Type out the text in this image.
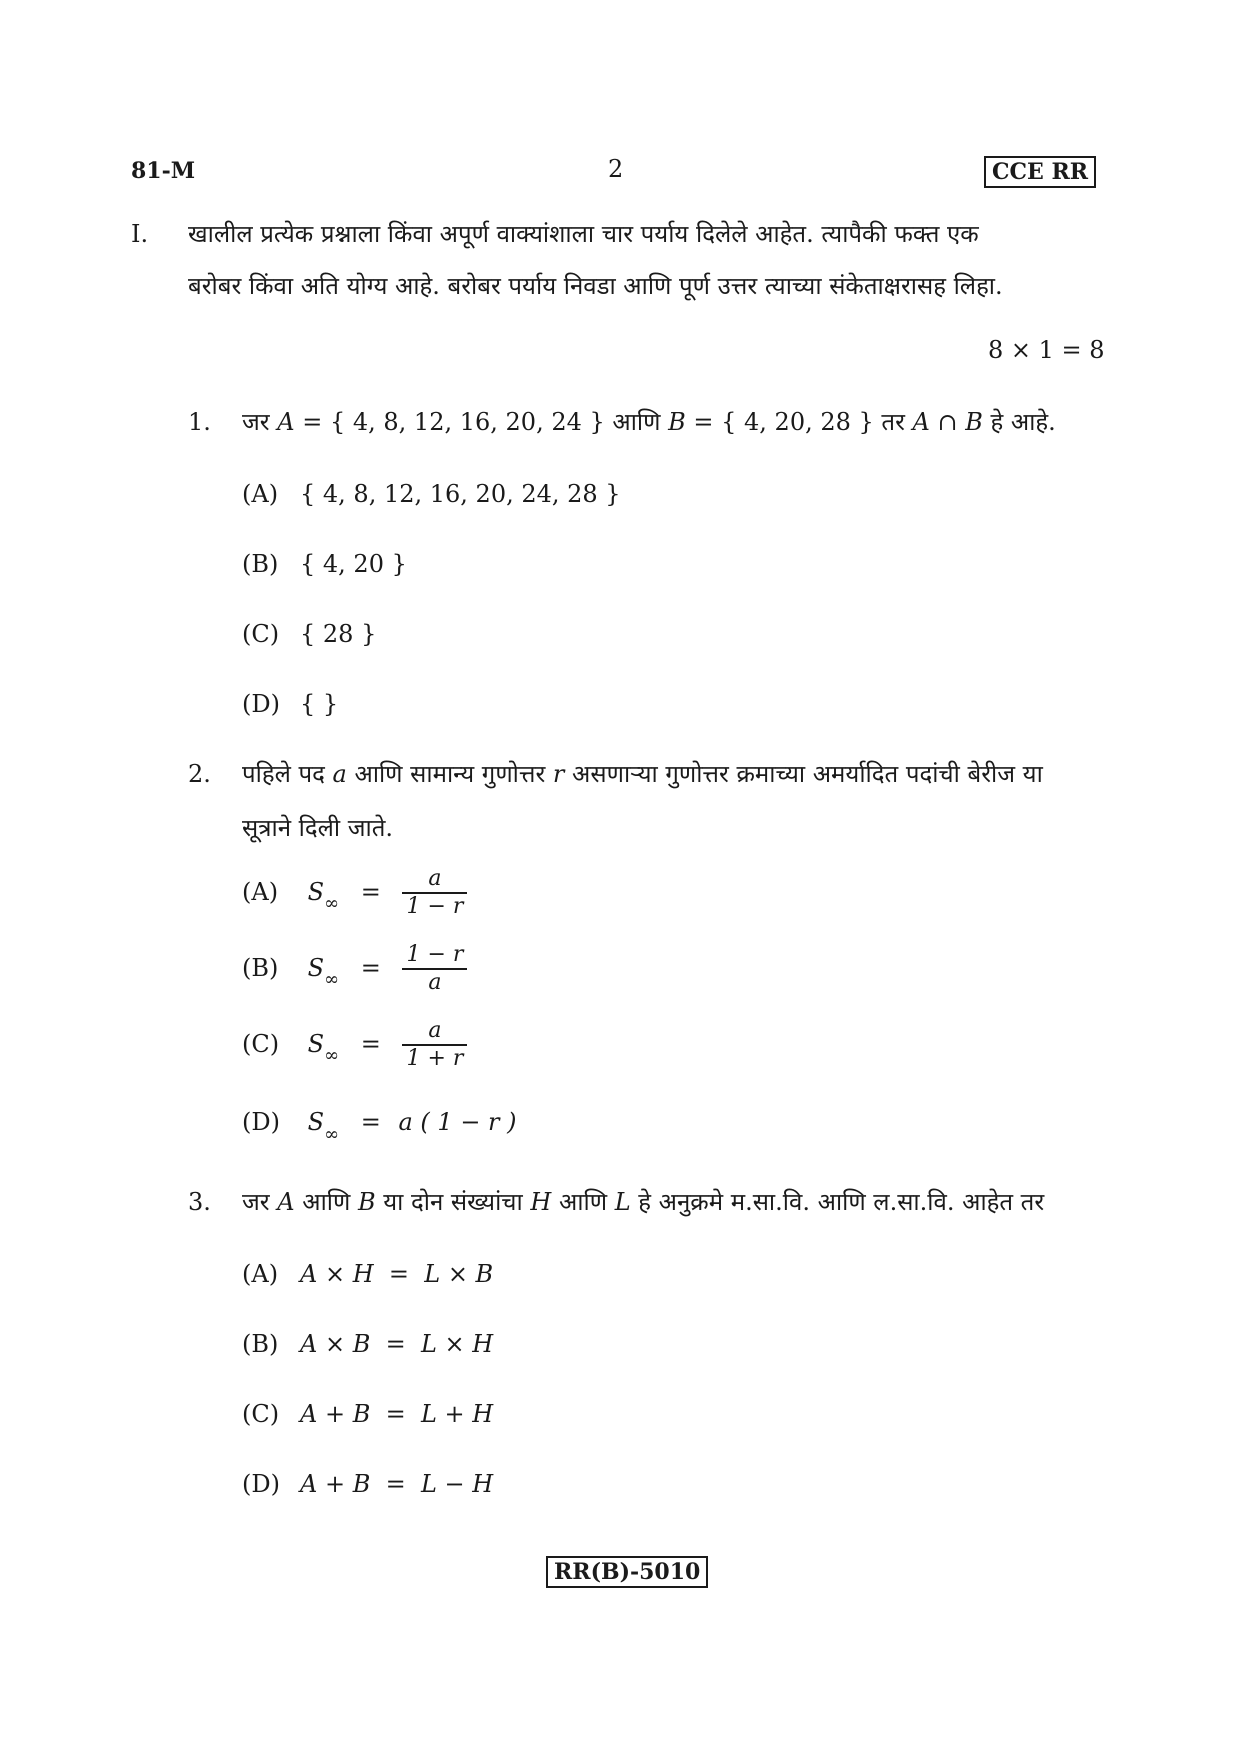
81-M	2	CCE RR
I. खालील प्रत्येक प्रश्नाला किंवा अपूर्ण वाक्यांशाला चार पर्याय दिलेले आहेत. त्यापैकी फक्त एक
बरोबर किंवा अति योग्य आहे. बरोबर पर्याय निवडा आणि पूर्ण उत्तर त्याच्या संकेताक्षरासह लिहा.
8 × 1 = 8
1. जर A = { 4, 8, 12, 16, 20, 24 } आणि B = { 4, 20, 28 } तर A ∩ B हे आहे.
(A) { 4, 8, 12, 16, 20, 24, 28 }
(B) { 4, 20 }
(C) { 28 }
(D) { }
2. पहिले पद a आणि सामान्य गुणोत्तर r असणाऱ्या गुणोत्तर क्रमाच्या अमर्यादित पदांची बेरीज या
सूत्राने दिली जाते.
(A) $S_\infty = \frac{a}{1 - r}$
(B) $S_\infty = \frac{1 - r}{a}$
(C) $S_\infty = \frac{a}{1 + r}$
(D) $S_\infty = a$ ( 1 − r )
3. जर A आणि B या दोन संख्यांचा H आणि L हे अनुक्रमे म.सा.वि. आणि ल.सा.वि. आहेत तर
(A) A × H  =  L × B
(B) A × B  =  L × H
(C) A + B  =  L + H
(D) A + B  =  L − H
RR(B)-5010
